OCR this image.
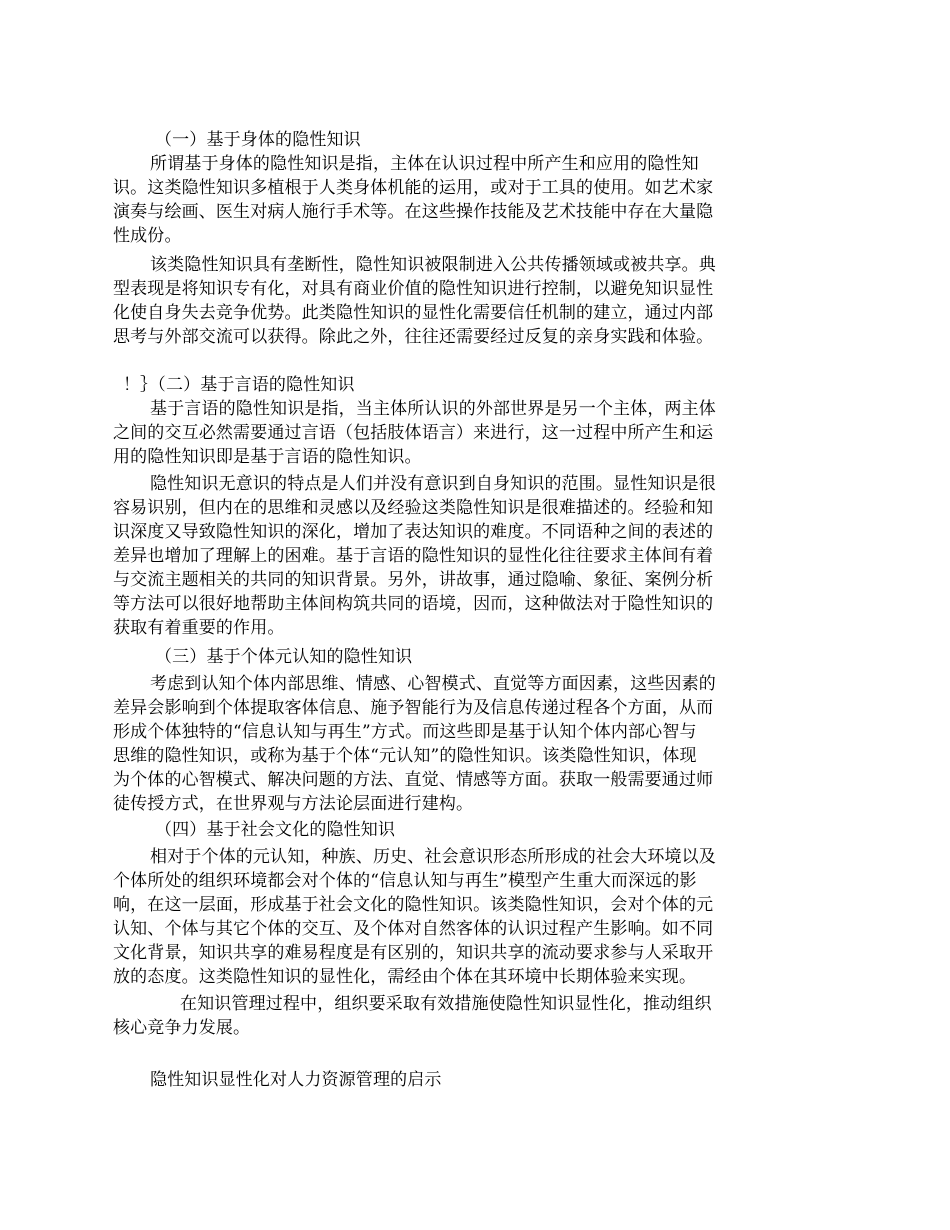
（一）基于身体的隐性知识
所谓基于身体的隐性知识是指，主体在认识过程中所产生和应用的隐性知
识。这类隐性知识多植根于人类身体机能的运用，或对于工具的使用。如艺术家
演奏与绘画、医生对病人施行手术等。在这些操作技能及艺术技能中存在大量隐
性成份。
该类隐性知识具有垄断性，隐性知识被限制进入公共传播领域或被共享。典
型表现是将知识专有化，对具有商业价值的隐性知识进行控制，以避免知识显性
化使自身失去竞争优势。此类隐性知识的显性化需要信任机制的建立，通过内部
思考与外部交流可以获得。除此之外，往往还需要经过反复的亲身实践和体验。
！｝（二）基于言语的隐性知识
基于言语的隐性知识是指，当主体所认识的外部世界是另一个主体，两主体
之间的交互必然需要通过言语（包括肢体语言）来进行，这一过程中所产生和运
用的隐性知识即是基于言语的隐性知识。
隐性知识无意识的特点是人们并没有意识到自身知识的范围。显性知识是很
容易识别，但内在的思维和灵感以及经验这类隐性知识是很难描述的。经验和知
识深度又导致隐性知识的深化，增加了表达知识的难度。不同语种之间的表述的
差异也增加了理解上的困难。基于言语的隐性知识的显性化往往要求主体间有着
与交流主题相关的共同的知识背景。另外，讲故事，通过隐喻、象征、案例分析
等方法可以很好地帮助主体间构筑共同的语境，因而，这种做法对于隐性知识的
获取有着重要的作用。
（三）基于个体元认知的隐性知识
考虑到认知个体内部思维、情感、心智模式、直觉等方面因素，这些因素的
差异会影响到个体提取客体信息、施予智能行为及信息传递过程各个方面，从而
形成个体独特的“信息认知与再生”方式。而这些即是基于认知个体内部心智与
思维的隐性知识，或称为基于个体“元认知”的隐性知识。该类隐性知识，体现
为个体的心智模式、解决问题的方法、直觉、情感等方面。获取一般需要通过师
徒传授方式，在世界观与方法论层面进行建构。
（四）基于社会文化的隐性知识
相对于个体的元认知，种族、历史、社会意识形态所形成的社会大环境以及
个体所处的组织环境都会对个体的“信息认知与再生”模型产生重大而深远的影
响，在这一层面，形成基于社会文化的隐性知识。该类隐性知识，会对个体的元
认知、个体与其它个体的交互、及个体对自然客体的认识过程产生影响。如不同
文化背景，知识共享的难易程度是有区别的，知识共享的流动要求参与人采取开
放的态度。这类隐性知识的显性化，需经由个体在其环境中长期体验来实现。
在知识管理过程中，组织要采取有效措施使隐性知识显性化，推动组织
核心竞争力发展。
隐性知识显性化对人力资源管理的启示
